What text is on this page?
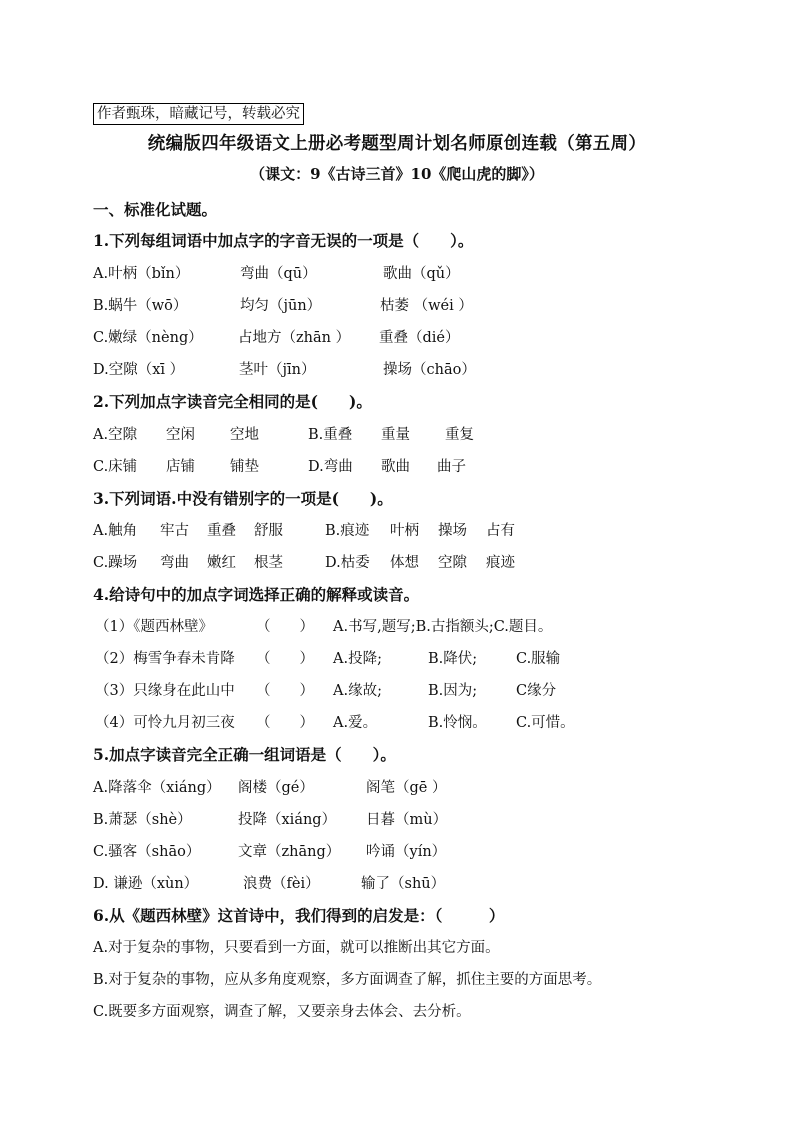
作者甄珠，暗藏记号，转载必究
统编版四年级语文上册必考题型周计划名师原创连载（第五周）
（课文：9《古诗三首》10《爬山虎的脚》）
一、标准化试题。
1.下列每组词语中加点字的字音无误的一项是（　　）。
A.叶柄（bǐn）	弯曲（qū）	歌曲（qǔ）
B.蜗牛（wō）	均匀（jūn）	枯萎 （wéi ）
C.嫩绿（nèng） 占地方（zhān ） 重叠（dié）
D.空隙（xī ）	茎叶（jīn）	操场（chāo）
2.下列加点字读音完全相同的是(　　)。
A.空隙 空闲 空地	B.重叠 重量 重复
C.床铺 店铺 铺垫	D.弯曲 歌曲 曲子
3.下列词语.中没有错别字的一项是(　　)。
A.触角 牢古 重叠 舒服	B.痕迹 叶柄 操场 占有
C.躁场 弯曲 嫩红 根茎	D.枯委 体想 空隙 痕迹
4.给诗句中的加点字词选择正确的解释或读音。
（1）《题西林壁》	（　　） A.书写,题写;B.古指额头;C.题目。
（2）梅雪争春未肯降 （　　） A.投降;	B.降伏;	C.服输
（3）只缘身在此山中 （　　） A.缘故;	B.因为;	C缘分
（4）可怜九月初三夜 （　　） A.爱。	B.怜悯。 C.可惜。
5.加点字读音完全正确一组词语是（　　）。
A.降落伞（xiáng） 阁楼（gé）	阁笔（gē ）
B.萧瑟（shè）	投降（xiáng） 日暮（mù）
C.骚客（shāo）	文章（zhāng） 吟诵（yín）
D. 谦逊（xùn）	浪费（fèi）	输了（shū）
6.从《题西林壁》这首诗中，我们得到的启发是：（　　　）
A.对于复杂的事物，只要看到一方面，就可以推断出其它方面。
B.对于复杂的事物，应从多角度观察，多方面调查了解，抓住主要的方面思考。
C.既要多方面观察，调查了解，又要亲身去体会、去分析。
